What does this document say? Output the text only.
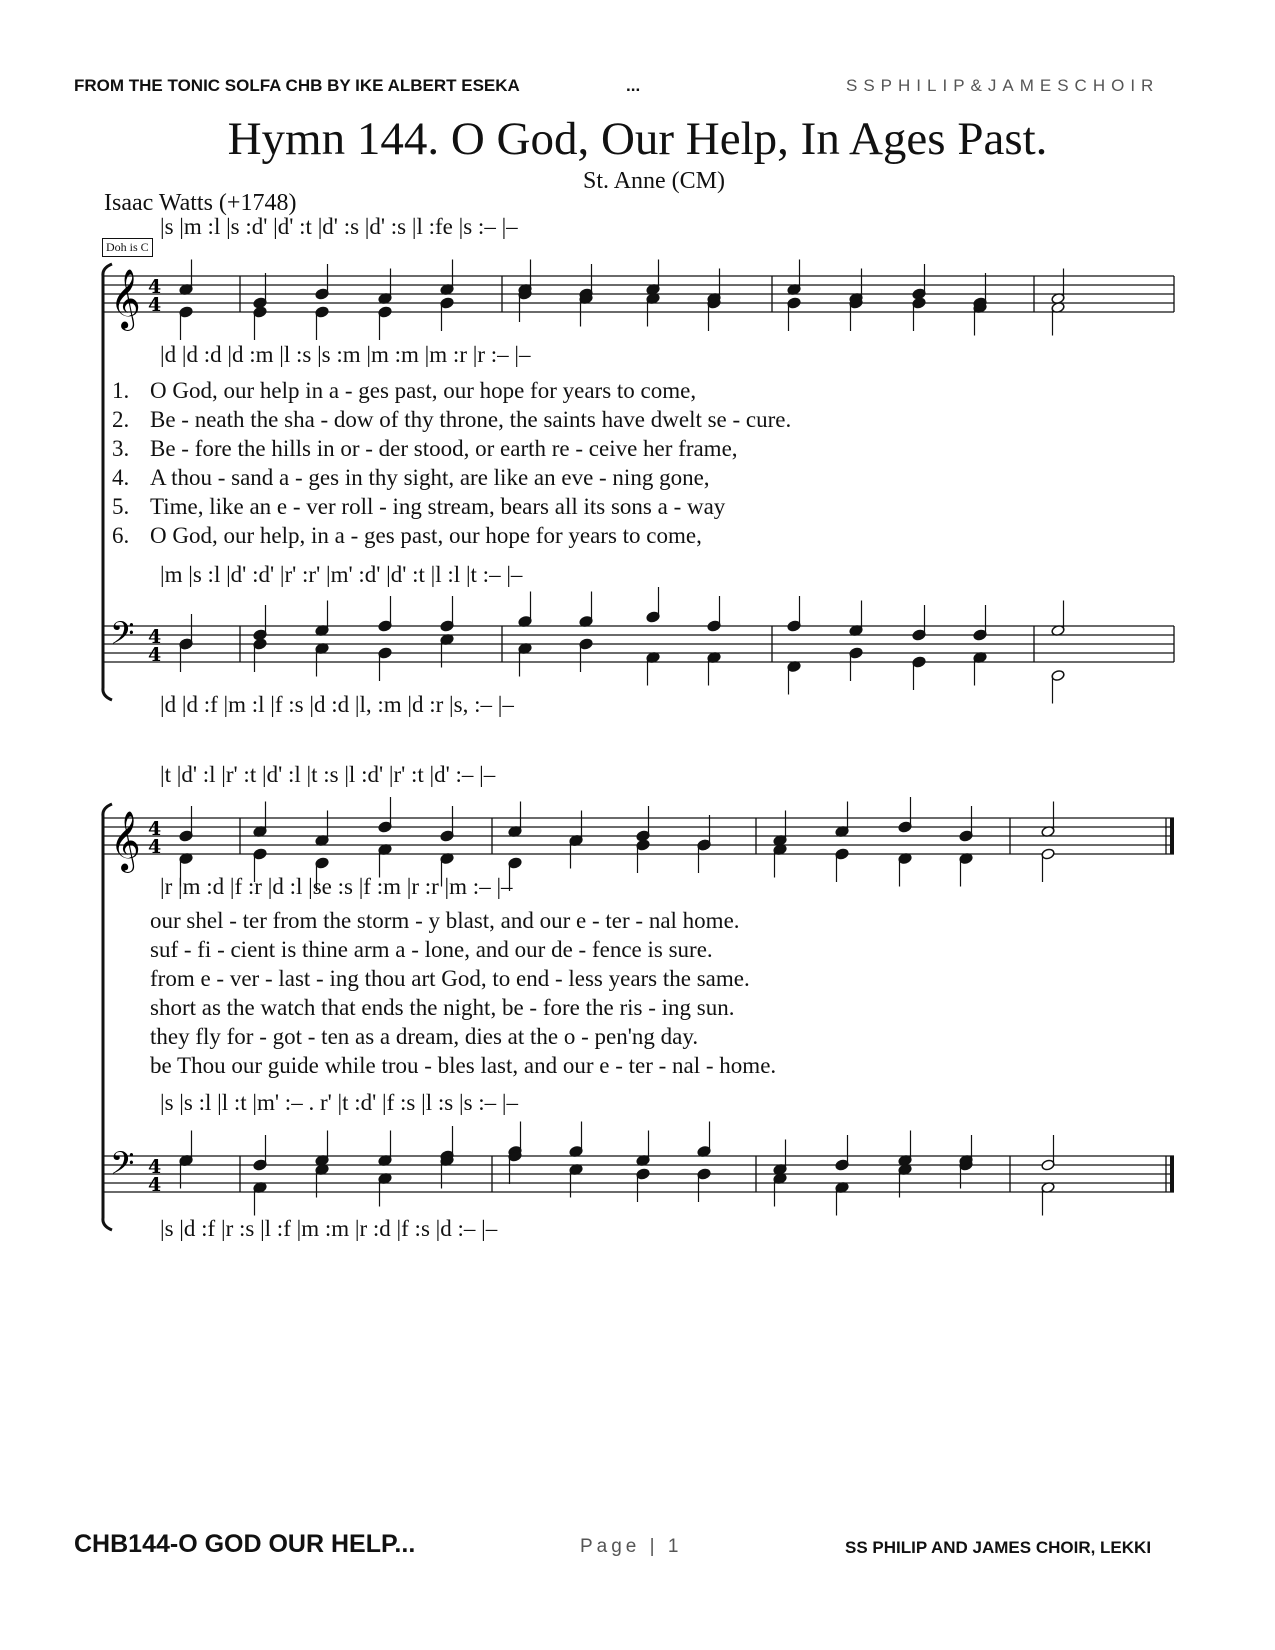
FROM THE TONIC SOLFA CHB BY IKE ALBERT ESEKA	...	SSPHILIP&JAMESCHOIR
Hymn 144. O God, Our Help, In Ages Past.
St. Anne (CM)
Isaac Watts (+1748)
Doh is C
|s |m :l |s :d' |d' :t |d' :s |d' :s |l :fe |s :– |–
𝄞 4
4
|d |d :d |d :m |l :s |s :m |m :m |m :r |r :– |–
1. O God, our help in a - ges past, our hope for years to come,
2. Be - neath the sha - dow of thy throne, the saints have dwelt se - cure.
3. Be - fore the hills in or - der stood, or earth re - ceive her frame,
4. A thou - sand a - ges in thy sight, are like an eve - ning gone,
5. Time, like an e - ver roll - ing stream, bears all its sons a - way
6. O God, our help, in a - ges past, our hope for years to come,
|m |s :l |d' :d' |r' :r' |m' :d' |d' :t |l :l |t :– |–
𝄢 4
4
|d |d :f |m :l |f :s |d :d |l, :m |d :r |s, :– |–
|t |d' :l |r' :t |d' :l |t :s |l :d' |r' :t |d' :– |–
𝄞 4
4
|r |m :d |f :r |d :l |se :s |f :m |r :r |m :– |–
our shel - ter from the storm - y blast, and our e - ter - nal home.
suf - fi - cient is thine arm a - lone, and our de - fence is sure.
from e - ver - last - ing thou art God, to end - less years the same.
short as the watch that ends the night, be - fore the ris - ing sun.
they fly for - got - ten as a dream, dies at the o - pen'ng day.
be Thou our guide while trou - bles last, and our e - ter - nal - home.
|s |s :l |l :t |m' :– . r' |t :d' |f :s |l :s |s :– |–
𝄢 4
4
|s |d :f |r :s |l :f |m :m |r :d |f :s |d :– |–
CHB144-O GOD OUR HELP...	Page | 1	SS PHILIP AND JAMES CHOIR, LEKKI
